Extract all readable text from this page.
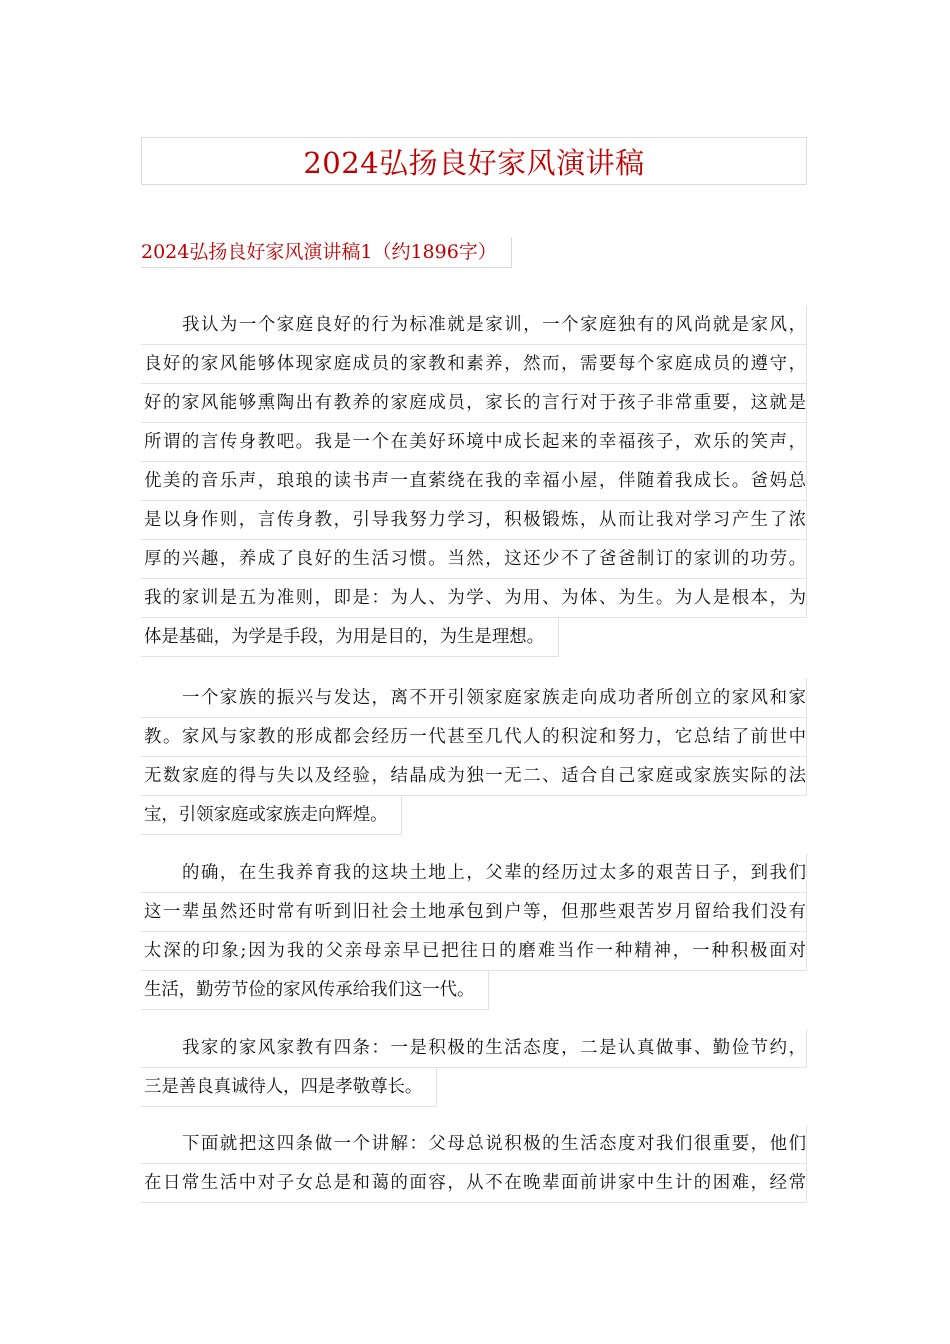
2024弘扬良好家风演讲稿
2024弘扬良好家风演讲稿1（约1896字）
我认为一个家庭良好的行为标准就是家训，一个家庭独有的风尚就是家风，
良好的家风能够体现家庭成员的家教和素养，然而，需要每个家庭成员的遵守，
好的家风能够熏陶出有教养的家庭成员，家长的言行对于孩子非常重要，这就是
所谓的言传身教吧。我是一个在美好环境中成长起来的幸福孩子，欢乐的笑声，
优美的音乐声，琅琅的读书声一直萦绕在我的幸福小屋，伴随着我成长。爸妈总
是以身作则，言传身教，引导我努力学习，积极锻炼，从而让我对学习产生了浓
厚的兴趣，养成了良好的生活习惯。当然，这还少不了爸爸制订的家训的功劳。
我的家训是五为准则，即是：为人、为学、为用、为体、为生。为人是根本，为
体是基础，为学是手段，为用是目的，为生是理想。
一个家族的振兴与发达，离不开引领家庭家族走向成功者所创立的家风和家
教。家风与家教的形成都会经历一代甚至几代人的积淀和努力，它总结了前世中
无数家庭的得与失以及经验，结晶成为独一无二、适合自己家庭或家族实际的法
宝，引领家庭或家族走向辉煌。
的确，在生我养育我的这块土地上，父辈的经历过太多的艰苦日子，到我们
这一辈虽然还时常有听到旧社会土地承包到户等，但那些艰苦岁月留给我们没有
太深的印象;因为我的父亲母亲早已把往日的磨难当作一种精神，一种积极面对
生活，勤劳节俭的家风传承给我们这一代。
我家的家风家教有四条：一是积极的生活态度，二是认真做事、勤俭节约，
三是善良真诚待人，四是孝敬尊长。
下面就把这四条做一个讲解：父母总说积极的生活态度对我们很重要，他们
在日常生活中对子女总是和蔼的面容，从不在晚辈面前讲家中生计的困难，经常
